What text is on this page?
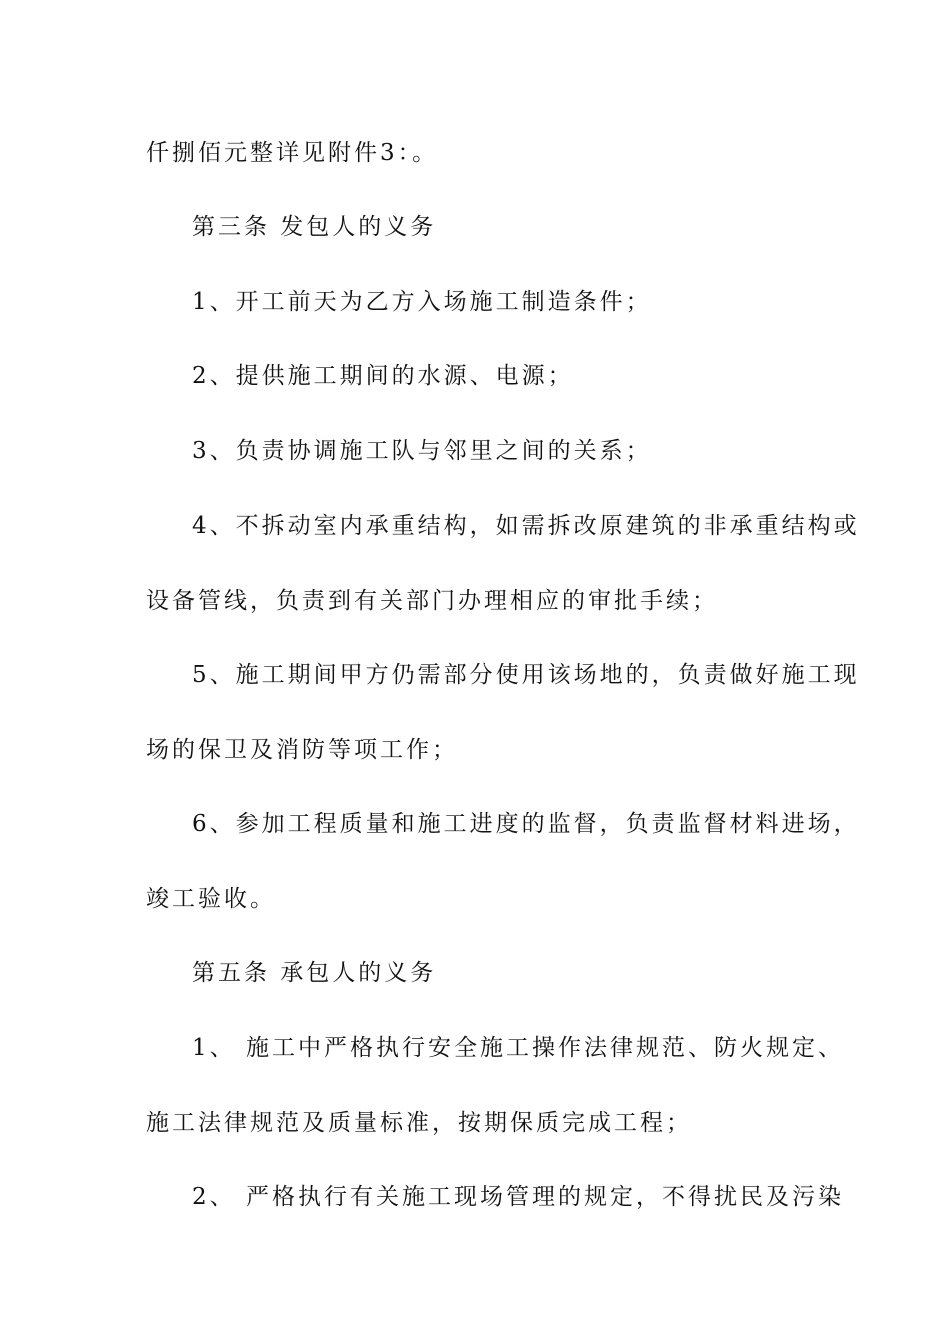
仟捌佰元整详见附件3：。
第三条 发包人的义务
1、开工前天为乙方入场施工制造条件；
2、提供施工期间的水源、电源；
3、负责协调施工队与邻里之间的关系；
4、不拆动室内承重结构，如需拆改原建筑的非承重结构或
设备管线，负责到有关部门办理相应的审批手续；
5、施工期间甲方仍需部分使用该场地的，负责做好施工现
场的保卫及消防等项工作；
6、参加工程质量和施工进度的监督，负责监督材料进场，
竣工验收。
第五条 承包人的义务
1、 施工中严格执行安全施工操作法律规范、防火规定、
施工法律规范及质量标准，按期保质完成工程；
2、 严格执行有关施工现场管理的规定，不得扰民及污染
